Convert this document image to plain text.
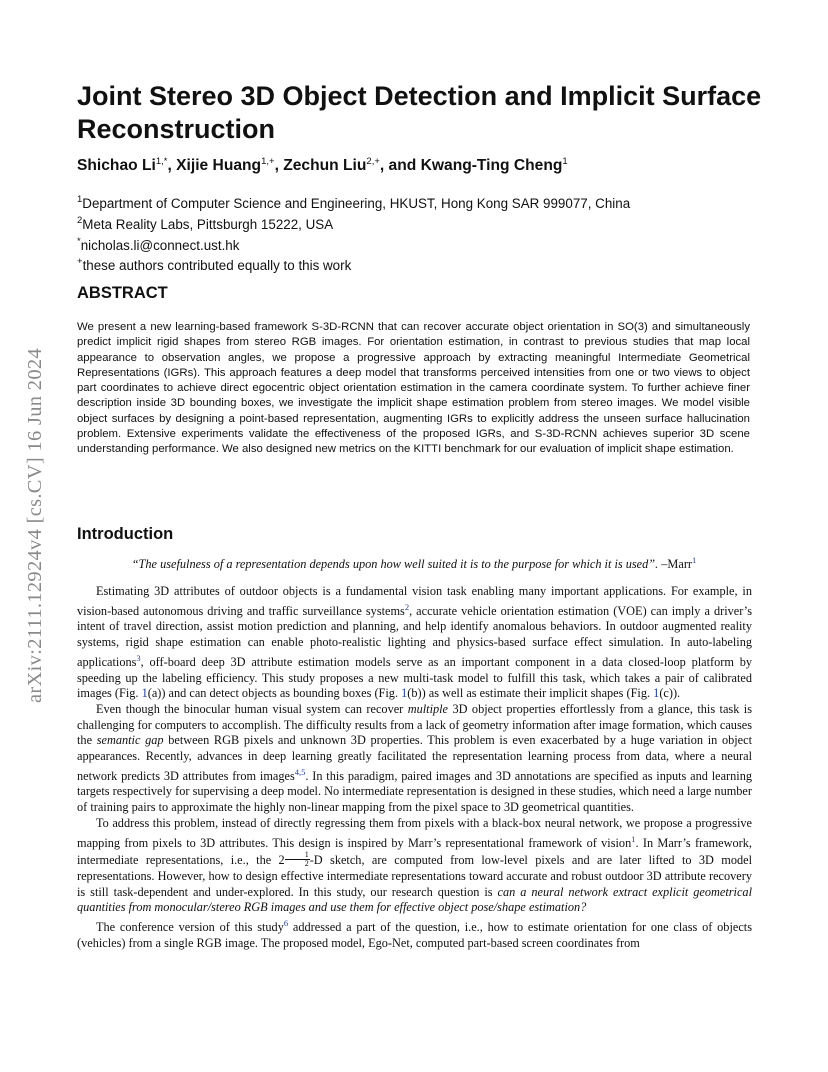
arXiv:2111.12924v4 [cs.CV] 16 Jun 2024
Joint Stereo 3D Object Detection and Implicit Surface Reconstruction
Shichao $Li^{1,*}$, Xijie Huang$^{1,+}$, Zechun Liu$^{2,+}$, and Kwang-Ting Cheng$^1$
$^1$Department of Computer Science and Engineering, HKUST, Hong Kong SAR 999077, China
$^2$Meta Reality Labs, Pittsburgh 15222, USA
*nicholas.li@connect.ust.hk
+these authors contributed equally to this work
ABSTRACT

We present a new learning-based framework S-3D-RCNN that can recover accurate object orientation in SO(3) and simultaneously predict implicit rigid shapes from stereo RGB images. For orientation estimation, in contrast to previous studies that map local appearance to observation angles, we propose a progressive approach by extracting meaningful Intermediate Geometrical Representations (IGRs). This approach features a deep model that transforms perceived intensities from one or two views to object part coordinates to achieve direct egocentric object orientation estimation in the camera coordinate system. To further achieve finer description inside 3D bounding boxes, we investigate the implicit shape estimation problem from stereo images. We model visible object surfaces by designing a point-based representation, augmenting IGRs to explicitly address the unseen surface hallucination problem. Extensive experiments validate the effectiveness of the proposed IGRs, and S-3D-RCNN achieves superior 3D scene understanding performance. We also designed new metrics on the KITTI benchmark for our evaluation of implicit shape estimation.

Introduction
“The usefulness of a representation depends upon how well suited it is to the purpose for which it is used”. –Marr$^1$

Estimating 3D attributes of outdoor objects is a fundamental vision task enabling many important applications. For example, in vision-based autonomous driving and traffic surveillance systems$^2$, accurate vehicle orientation estimation (VOE) can imply a driver’s intent of travel direction, assist motion prediction and planning, and help identify anomalous behaviors. In outdoor augmented reality systems, rigid shape estimation can enable photo-realistic lighting and physics-based surface effect simulation. In auto-labeling applications$^3$, off-board deep 3D attribute estimation models serve as an important component in a data closed-loop platform by speeding up the labeling efficiency. This study proposes a new multi-task model to fulfill this task, which takes a pair of calibrated images (Fig. 1(a)) and can detect objects as bounding boxes (Fig. 1(b)) as well as estimate their implicit shapes (Fig. 1(c)).

Even though the binocular human visual system can recover multiple 3D object properties effortlessly from a glance, this task is challenging for computers to accomplish. The difficulty results from a lack of geometry information after image formation, which causes the semantic gap between RGB pixels and unknown 3D properties. This problem is even exacerbated by a huge variation in object appearances. Recently, advances in deep learning greatly facilitated the representation learning process from data, where a neural network predicts 3D attributes from images$^{4,5}$. In this paradigm, paired images and 3D annotations are specified as inputs and learning targets respectively for supervising a deep model. No intermediate representation is designed in these studies, which need a large number of training pairs to approximate the highly non-linear mapping from the pixel space to 3D geometrical quantities.

To address this problem, instead of directly regressing them from pixels with a black-box neural network, we propose a progressive mapping from pixels to 3D attributes. This design is inspired by Marr’s representational framework of vision$^1$. In Marr’s framework, intermediate representations, i.e., the $2 \frac{1}{2} -D$ sketch, are computed from low-level pixels and are later lifted to 3D model representations. However, how to design effective intermediate representations toward accurate and robust outdoor 3D attribute recovery is still task-dependent and under-explored. In this study, our research question is can a neural network extract explicit geometrical quantities from monocular/stereo RGB images and use them for effective object pose/shape estimation?

The conference version of this study$^6$ addressed a part of the question, i.e., how to estimate orientation for one class of objects (vehicles) from a single RGB image. The proposed model, Ego-Net, computed part-based screen coordinates from
